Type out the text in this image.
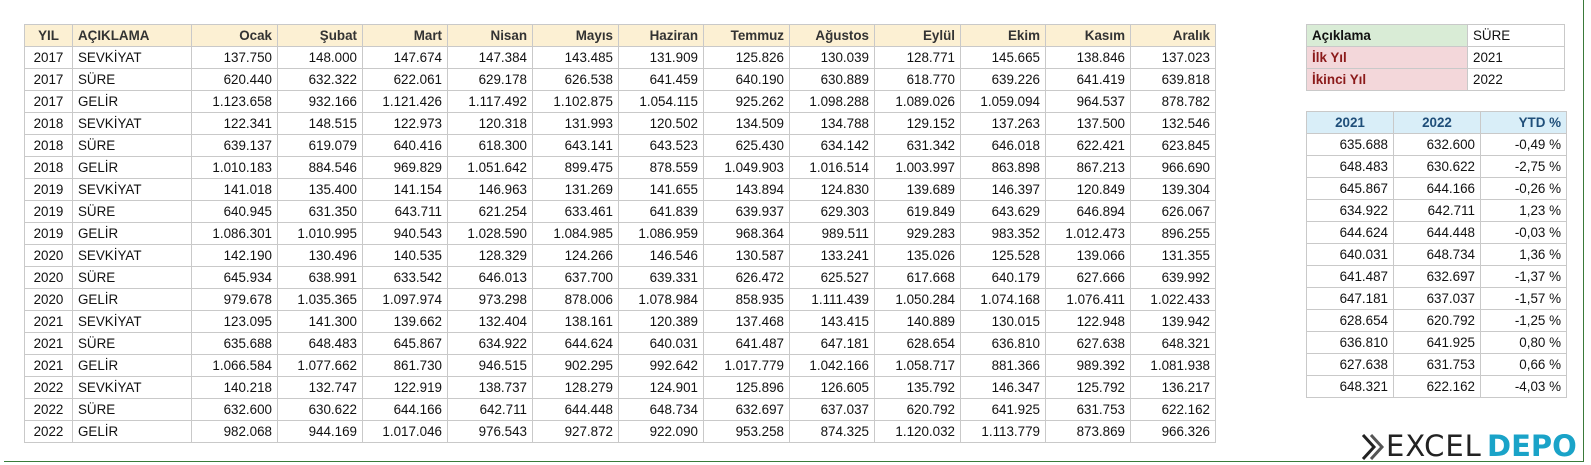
YIL	AÇIKLAMA	Ocak	Şubat	Mart	Nisan	Mayıs	Haziran	Temmuz	Ağustos	Eylül	Ekim	Kasım	Aralık
2017	SEVKİYAT	137.750	148.000	147.674	147.384	143.485	131.909	125.826	130.039	128.771	145.665	138.846	137.023
2017	SÜRE	620.440	632.322	622.061	629.178	626.538	641.459	640.190	630.889	618.770	639.226	641.419	639.818
2017	GELİR	1.123.658	932.166	1.121.426	1.117.492	1.102.875	1.054.115	925.262	1.098.288	1.089.026	1.059.094	964.537	878.782
2018	SEVKİYAT	122.341	148.515	122.973	120.318	131.993	120.502	134.509	134.788	129.152	137.263	137.500	132.546
2018	SÜRE	639.137	619.079	640.416	618.300	643.141	643.523	625.430	634.142	631.342	646.018	622.421	623.845
2018	GELİR	1.010.183	884.546	969.829	1.051.642	899.475	878.559	1.049.903	1.016.514	1.003.997	863.898	867.213	966.690
2019	SEVKİYAT	141.018	135.400	141.154	146.963	131.269	141.655	143.894	124.830	139.689	146.397	120.849	139.304
2019	SÜRE	640.945	631.350	643.711	621.254	633.461	641.839	639.937	629.303	619.849	643.629	646.894	626.067
2019	GELİR	1.086.301	1.010.995	940.543	1.028.590	1.084.985	1.086.959	968.364	989.511	929.283	983.352	1.012.473	896.255
2020	SEVKİYAT	142.190	130.496	140.535	128.329	124.266	146.546	130.587	133.241	135.026	125.528	139.066	131.355
2020	SÜRE	645.934	638.991	633.542	646.013	637.700	639.331	626.472	625.527	617.668	640.179	627.666	639.992
2020	GELİR	979.678	1.035.365	1.097.974	973.298	878.006	1.078.984	858.935	1.111.439	1.050.284	1.074.168	1.076.411	1.022.433
2021	SEVKİYAT	123.095	141.300	139.662	132.404	138.161	120.389	137.468	143.415	140.889	130.015	122.948	139.942
2021	SÜRE	635.688	648.483	645.867	634.922	644.624	640.031	641.487	647.181	628.654	636.810	627.638	648.321
2021	GELİR	1.066.584	1.077.662	861.730	946.515	902.295	992.642	1.017.779	1.042.166	1.058.717	881.366	989.392	1.081.938
2022	SEVKİYAT	140.218	132.747	122.919	138.737	128.279	124.901	125.896	126.605	135.792	146.347	125.792	136.217
2022	SÜRE	632.600	630.622	644.166	642.711	644.448	648.734	632.697	637.037	620.792	641.925	631.753	622.162
2022	GELİR	982.068	944.169	1.017.046	976.543	927.872	922.090	953.258	874.325	1.120.032	1.113.779	873.869	966.326
Açıklama	SÜRE
İlk Yıl	2021
İkinci Yıl	2022
2021	2022	YTD %
635.688	632.600	-0,49 %
648.483	630.622	-2,75 %
645.867	644.166	-0,26 %
634.922	642.711	1,23 %
644.624	644.448	-0,03 %
640.031	648.734	1,36 %
641.487	632.697	-1,37 %
647.181	637.037	-1,57 %
628.654	620.792	-1,25 %
636.810	641.925	0,80 %
627.638	631.753	0,66 %
648.321	622.162	-4,03 %
EXCEL DEPO
